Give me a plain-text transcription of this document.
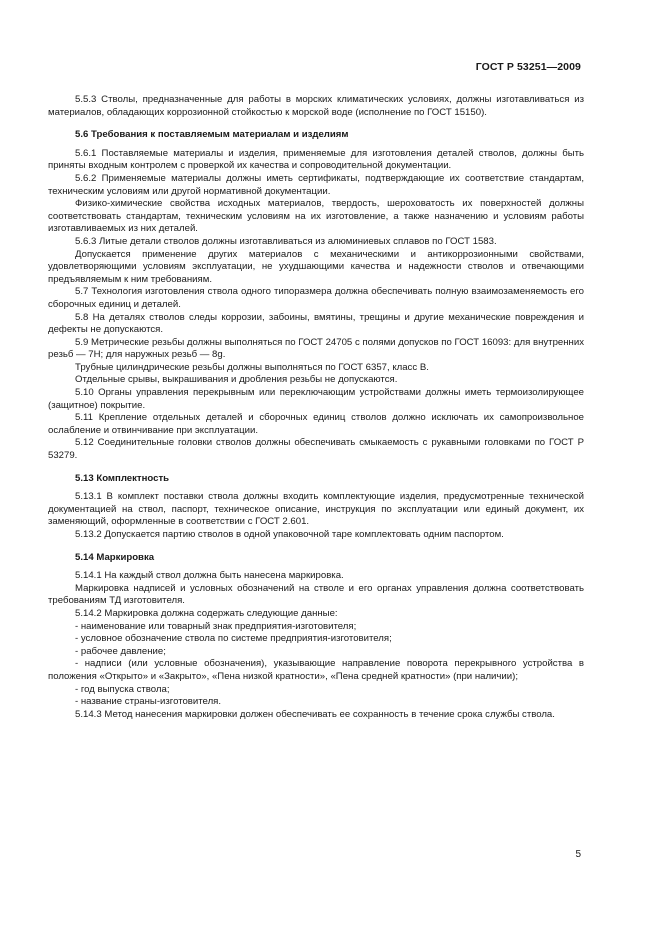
ГОСТ Р 53251—2009

5.5.3 Стволы, предназначенные для работы в морских климатических условиях, должны изготавливаться из материалов, обладающих коррозионной стойкостью к морской воде (исполнение по ГОСТ 15150).

5.6 Требования к поставляемым материалам и изделиям

5.6.1 Поставляемые материалы и изделия, применяемые для изготовления деталей стволов, должны быть приняты входным контролем с проверкой их качества и сопроводительной документации.

5.6.2 Применяемые материалы должны иметь сертификаты, подтверждающие их соответствие стандартам, техническим условиям или другой нормативной документации.

Физико-химические свойства исходных материалов, твердость, шероховатость их поверхностей должны соответствовать стандартам, техническим условиям на их изготовление, а также назначению и условиям работы изготавливаемых из них деталей.

5.6.3 Литые детали стволов должны изготавливаться из алюминиевых сплавов по ГОСТ 1583.

Допускается применение других материалов с механическими и антикоррозионными свойствами, удовлетворяющими условиям эксплуатации, не ухудшающими качества и надежности стволов и отвечающими предъявляемым к ним требованиям.

5.7 Технология изготовления ствола одного типоразмера должна обеспечивать полную взаимозаменяемость его сборочных единиц и деталей.

5.8 На деталях стволов следы коррозии, забоины, вмятины, трещины и другие механические повреждения и дефекты не допускаются.

5.9 Метрические резьбы должны выполняться по ГОСТ 24705 с полями допусков по ГОСТ 16093: для внутренних резьб — 7Н; для наружных резьб — 8g.

Трубные цилиндрические резьбы должны выполняться по ГОСТ 6357, класс В.

Отдельные срывы, выкрашивания и дробления резьбы не допускаются.

5.10 Органы управления перекрывным или переключающим устройствами должны иметь термоизолирующее (защитное) покрытие.

5.11 Крепление отдельных деталей и сборочных единиц стволов должно исключать их самопроизвольное ослабление и отвинчивание при эксплуатации.

5.12 Соединительные головки стволов должны обеспечивать смыкаемость с рукавными головками по ГОСТ Р 53279.

5.13 Комплектность

5.13.1 В комплект поставки ствола должны входить комплектующие изделия, предусмотренные технической документацией на ствол, паспорт, техническое описание, инструкция по эксплуатации или единый документ, их заменяющий, оформленные в соответствии с ГОСТ 2.601.

5.13.2 Допускается партию стволов в одной упаковочной таре комплектовать одним паспортом.

5.14 Маркировка

5.14.1 На каждый ствол должна быть нанесена маркировка.

Маркировка надписей и условных обозначений на стволе и его органах управления должна соответствовать требованиям ТД изготовителя.

5.14.2 Маркировка должна содержать следующие данные:

- наименование или товарный знак предприятия-изготовителя;

- условное обозначение ствола по системе предприятия-изготовителя;

- рабочее давление;

- надписи (или условные обозначения), указывающие направление поворота перекрывного устройства в положения «Открыто» и «Закрыто», «Пена низкой кратности», «Пена средней кратности» (при наличии);

- год выпуска ствола;

- название страны-изготовителя.

5.14.3 Метод нанесения маркировки должен обеспечивать ее сохранность в течение срока службы ствола.

5
